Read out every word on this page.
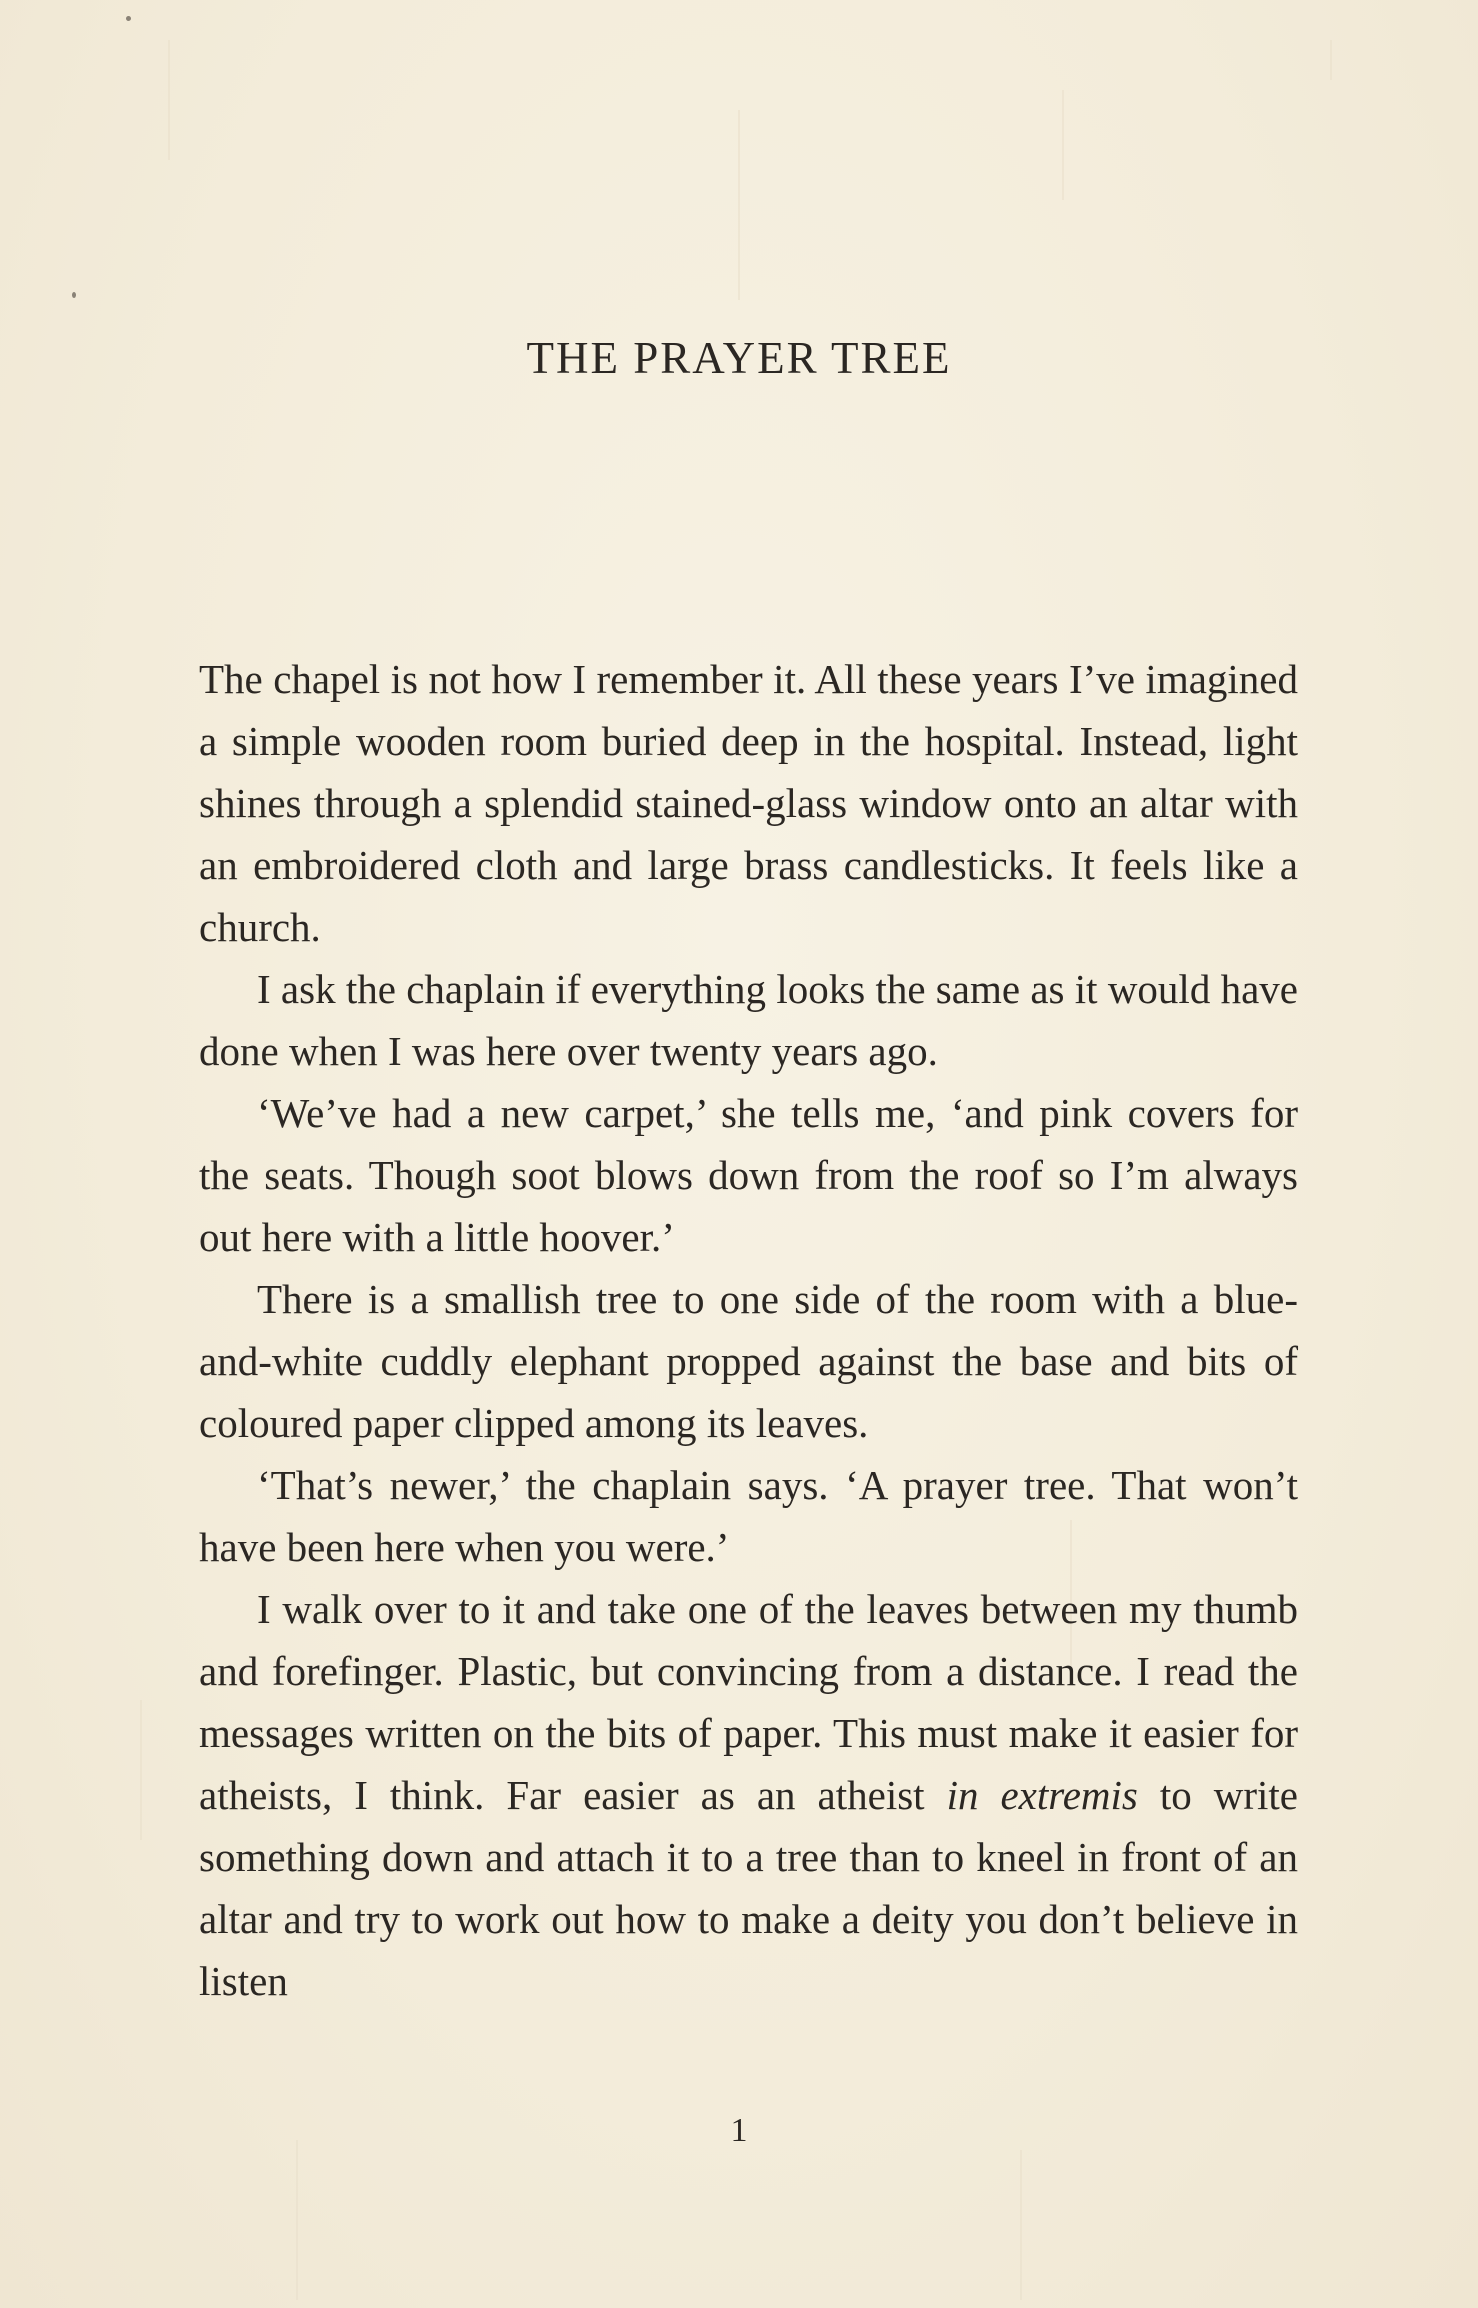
THE PRAYER TREE

The chapel is not how I remember it. All these years I’ve imagined a simple wooden room buried deep in the hospital. Instead, light shines through a splendid stained-glass window onto an altar with an embroidered cloth and large brass candlesticks. It feels like a church.

I ask the chaplain if everything looks the same as it would have done when I was here over twenty years ago.

‘We’ve had a new carpet,’ she tells me, ‘and pink covers for the seats. Though soot blows down from the roof so I’m always out here with a little hoover.’

There is a smallish tree to one side of the room with a blue-and-white cuddly elephant propped against the base and bits of coloured paper clipped among its leaves.

‘That’s newer,’ the chaplain says. ‘A prayer tree. That won’t have been here when you were.’

I walk over to it and take one of the leaves between my thumb and forefinger. Plastic, but convincing from a distance. I read the messages written on the bits of paper. This must make it easier for atheists, I think. Far easier as an atheist in extremis to write something down and attach it to a tree than to kneel in front of an altar and try to work out how to make a deity you don’t believe in listen

1
